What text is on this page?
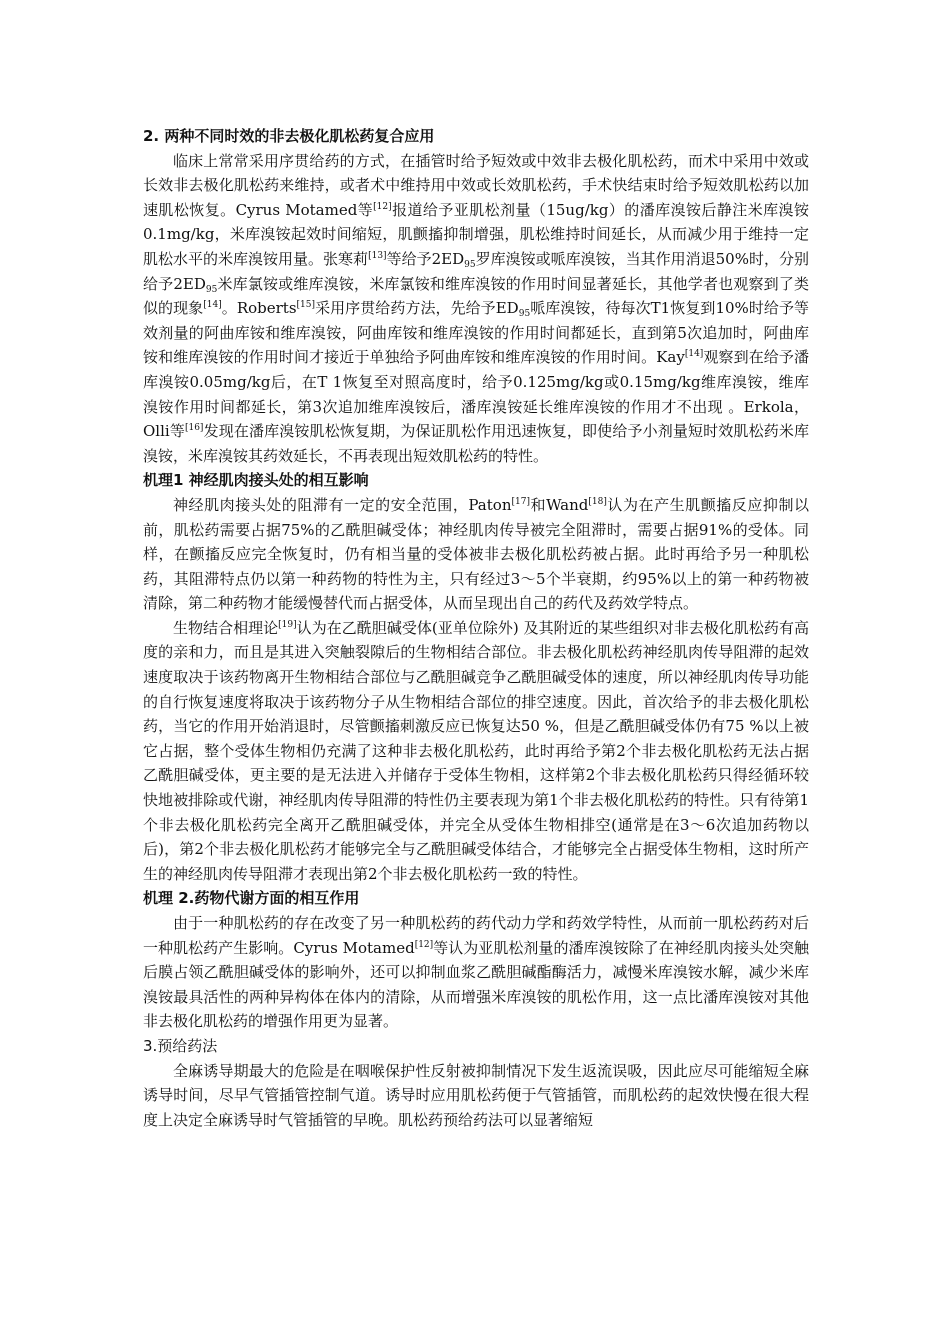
2. 两种不同时效的非去极化肌松药复合应用

临床上常常采用序贯给药的方式，在插管时给予短效或中效非去极化肌松药，而术中采用中效或长效非去极化肌松药来维持，或者术中维持用中效或长效肌松药，手术快结束时给予短效肌松药以加速肌松恢复。Cyrus Motamed等[12]报道给予亚肌松剂量（15ug/kg）的潘库溴铵后静注米库溴铵0.1mg/kg，米库溴铵起效时间缩短，肌颤搐抑制增强，肌松维持时间延长，从而减少用于维持一定肌松水平的米库溴铵用量。张寒莉[13]等给予$2ED_{95}$罗库溴铵或哌库溴铵，当其作用消退50%时，分别给予$2ED_{95}$米库氯铵或维库溴铵，米库氯铵和维库溴铵的作用时间显著延长，其他学者也观察到了类似的现象[14]。Roberts[15]采用序贯给药方法，先给予$ED_{95}$哌库溴铵，待每次T1恢复到10%时给予等效剂量的阿曲库铵和维库溴铵，阿曲库铵和维库溴铵的作用时间都延长，直到第5次追加时，阿曲库铵和维库溴铵的作用时间才接近于单独给予阿曲库铵和维库溴铵的作用时间。Kay[14]观察到在给予潘库溴铵0.05mg/kg后，在T 1恢复至对照高度时，给予0.125mg/kg或0.15mg/kg维库溴铵，维库溴铵作用时间都延长，第3次追加维库溴铵后，潘库溴铵延长维库溴铵的作用才不出现 。Erkola，Olli等[16]发现在潘库溴铵肌松恢复期，为保证肌松作用迅速恢复，即使给予小剂量短时效肌松药米库溴铵，米库溴铵其药效延长，不再表现出短效肌松药的特性。

机理1 神经肌肉接头处的相互影响

神经肌肉接头处的阻滞有一定的安全范围，Paton[17]和Wand[18]认为在产生肌颤搐反应抑制以前，肌松药需要占据75%的乙酰胆碱受体；神经肌肉传导被完全阻滞时，需要占据91%的受体。同样，在颤搐反应完全恢复时，仍有相当量的受体被非去极化肌松药被占据。此时再给予另一种肌松药，其阻滞特点仍以第一种药物的特性为主，只有经过3～5个半衰期，约95%以上的第一种药物被清除，第二种药物才能缓慢替代而占据受体，从而呈现出自己的药代及药效学特点。

生物结合相理论[19]认为在乙酰胆碱受体(亚单位除外) 及其附近的某些组织对非去极化肌松药有高度的亲和力，而且是其进入突触裂隙后的生物相结合部位。非去极化肌松药神经肌肉传导阻滞的起效速度取决于该药物离开生物相结合部位与乙酰胆碱竞争乙酰胆碱受体的速度，所以神经肌肉传导功能的自行恢复速度将取决于该药物分子从生物相结合部位的排空速度。因此，首次给予的非去极化肌松药，当它的作用开始消退时，尽管颤搐刺激反应已恢复达50 %，但是乙酰胆碱受体仍有75 %以上被它占据，整个受体生物相仍充满了这种非去极化肌松药，此时再给予第2个非去极化肌松药无法占据乙酰胆碱受体，更主要的是无法进入并储存于受体生物相，这样第2个非去极化肌松药只得经循环较快地被排除或代谢，神经肌肉传导阻滞的特性仍主要表现为第1个非去极化肌松药的特性。只有待第1个非去极化肌松药完全离开乙酰胆碱受体，并完全从受体生物相排空(通常是在3～6次追加药物以后)，第2个非去极化肌松药才能够完全与乙酰胆碱受体结合，才能够完全占据受体生物相，这时所产生的神经肌肉传导阻滞才表现出第2个非去极化肌松药一致的特性。

机理 2.药物代谢方面的相互作用

由于一种肌松药的存在改变了另一种肌松药的药代动力学和药效学特性，从而前一肌松药药对后一种肌松药产生影响。Cyrus Motamed[12]等认为亚肌松剂量的潘库溴铵除了在神经肌肉接头处突触后膜占领乙酰胆碱受体的影响外，还可以抑制血浆乙酰胆碱酯酶活力，减慢米库溴铵水解，减少米库溴铵最具活性的两种异构体在体内的清除，从而增强米库溴铵的肌松作用，这一点比潘库溴铵对其他非去极化肌松药的增强作用更为显著。

3.预给药法

全麻诱导期最大的危险是在咽喉保护性反射被抑制情况下发生返流误吸，因此应尽可能缩短全麻诱导时间，尽早气管插管控制气道。诱导时应用肌松药便于气管插管，而肌松药的起效快慢在很大程度上决定全麻诱导时气管插管的早晚。肌松药预给药法可以显著缩短
